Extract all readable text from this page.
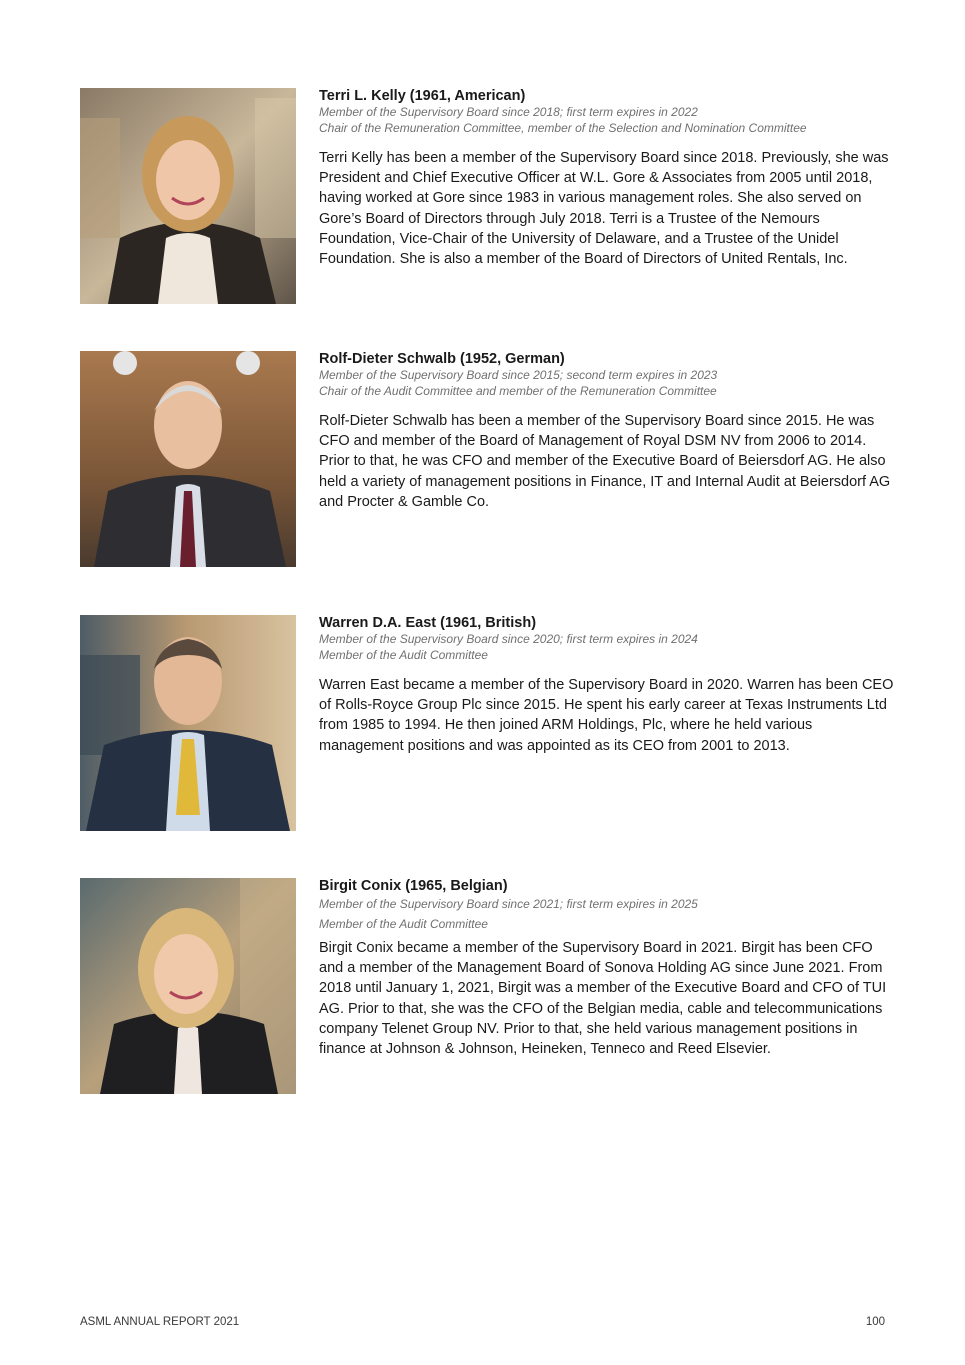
Terri L. Kelly (1961, American)

Member of the Supervisory Board since 2018; first term expires in 2022

Chair of the Remuneration Committee, member of the Selection and Nomination Committee

Terri Kelly has been a member of the Supervisory Board since 2018. Previously, she was President and Chief Executive Officer at W.L. Gore & Associates from 2005 until 2018, having worked at Gore since 1983 in various management roles. She also served on Gore’s Board of Directors through July 2018. Terri is a Trustee of the Nemours Foundation, Vice-Chair of the University of Delaware, and a Trustee of the Unidel Foundation. She is also a member of the Board of Directors of United Rentals, Inc.

Rolf-Dieter Schwalb (1952, German)

Member of the Supervisory Board since 2015; second term expires in 2023

Chair of the Audit Committee and member of the Remuneration Committee

Rolf-Dieter Schwalb has been a member of the Supervisory Board since 2015. He was CFO and member of the Board of Management of Royal DSM NV from 2006 to 2014. Prior to that, he was CFO and member of the Executive Board of Beiersdorf AG. He also held a variety of management positions in Finance, IT and Internal Audit at Beiersdorf AG and Procter & Gamble Co.

Warren D.A. East (1961, British)

Member of the Supervisory Board since 2020; first term expires in 2024

Member of the Audit Committee

Warren East became a member of the Supervisory Board in 2020. Warren has been CEO of Rolls-Royce Group Plc since 2015. He spent his early career at Texas Instruments Ltd from 1985 to 1994. He then joined ARM Holdings, Plc, where he held various management positions and was appointed as its CEO from 2001 to 2013.

Birgit Conix (1965, Belgian)

Member of the Supervisory Board since 2021; first term expires in 2025

Member of the Audit Committee

Birgit Conix became a member of the Supervisory Board in 2021. Birgit has been CFO and a member of the Management Board of Sonova Holding AG since June 2021. From 2018 until January 1, 2021, Birgit was a member of the Executive Board and CFO of TUI AG. Prior to that, she was the CFO of the Belgian media, cable and telecommunications company Telenet Group NV. Prior to that, she held various management positions in finance at Johnson & Johnson, Heineken, Tenneco and Reed Elsevier.

ASML ANNUAL REPORT 2021	100
